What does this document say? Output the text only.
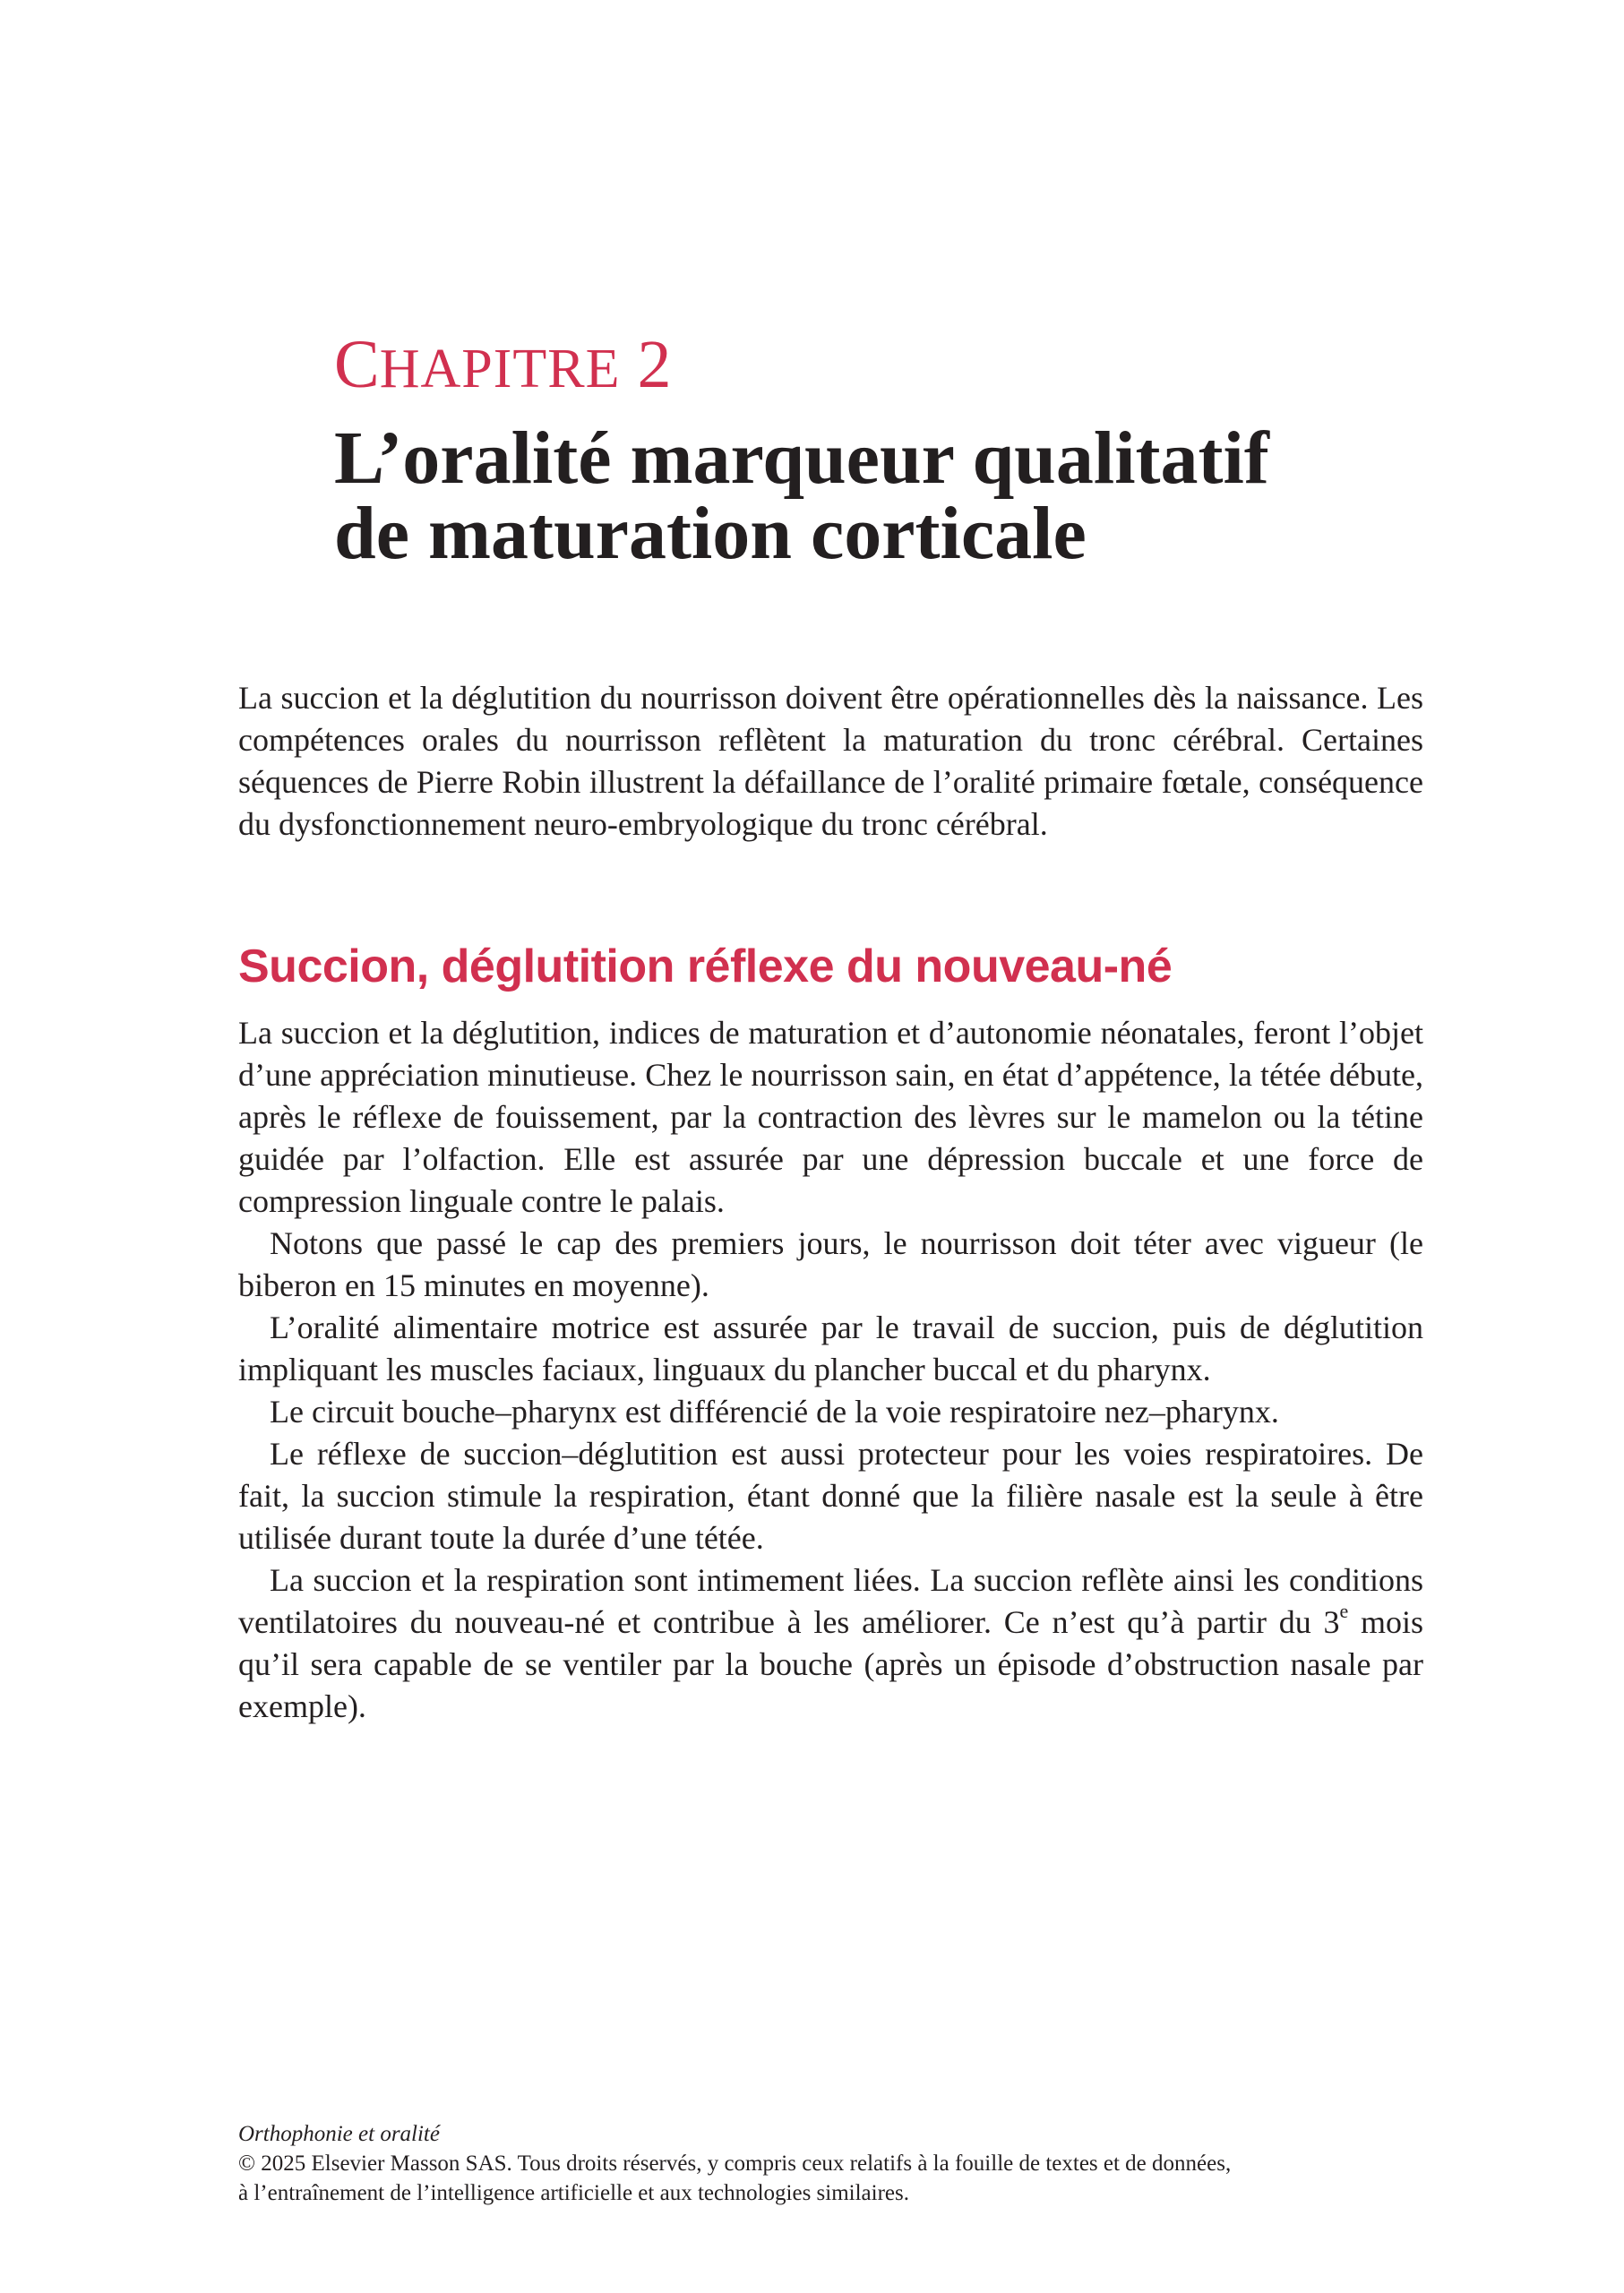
CHAPITRE 2
L’oralité marqueur qualitatif
de maturation corticale

La succion et la déglutition du nourrisson doivent être opérationnelles dès la naissance. Les compétences orales du nourrisson reflètent la maturation du tronc cérébral. Certaines séquences de Pierre Robin illustrent la défaillance de l’oralité primaire fœtale, conséquence du dysfonctionnement neuro-embryologique du tronc cérébral.

Succion, déglutition réflexe du nouveau-né

La succion et la déglutition, indices de maturation et d’autonomie néonatales, feront l’objet d’une appréciation minutieuse. Chez le nourrisson sain, en état d’appétence, la tétée débute, après le réflexe de fouissement, par la contraction des lèvres sur le mamelon ou la tétine guidée par l’olfaction. Elle est assurée par une dépression buccale et une force de compression linguale contre le palais.

Notons que passé le cap des premiers jours, le nourrisson doit téter avec vigueur (le biberon en 15 minutes en moyenne).

L’oralité alimentaire motrice est assurée par le travail de succion, puis de déglutition impliquant les muscles faciaux, linguaux du plancher buccal et du pharynx.

Le circuit bouche–pharynx est différencié de la voie respiratoire nez–pharynx.

Le réflexe de succion–déglutition est aussi protecteur pour les voies respiratoires. De fait, la succion stimule la respiration, étant donné que la filière nasale est la seule à être utilisée durant toute la durée d’une tétée.

La succion et la respiration sont intimement liées. La succion reflète ainsi les conditions ventilatoires du nouveau-né et contribue à les améliorer. Ce n’est qu’à partir du 3e mois qu’il sera capable de se ventiler par la bouche (après un épisode d’obstruction nasale par exemple).

Orthophonie et oralité
© 2025 Elsevier Masson SAS. Tous droits réservés, y compris ceux relatifs à la fouille de textes et de données,
à l’entraînement de l’intelligence artificielle et aux technologies similaires.
